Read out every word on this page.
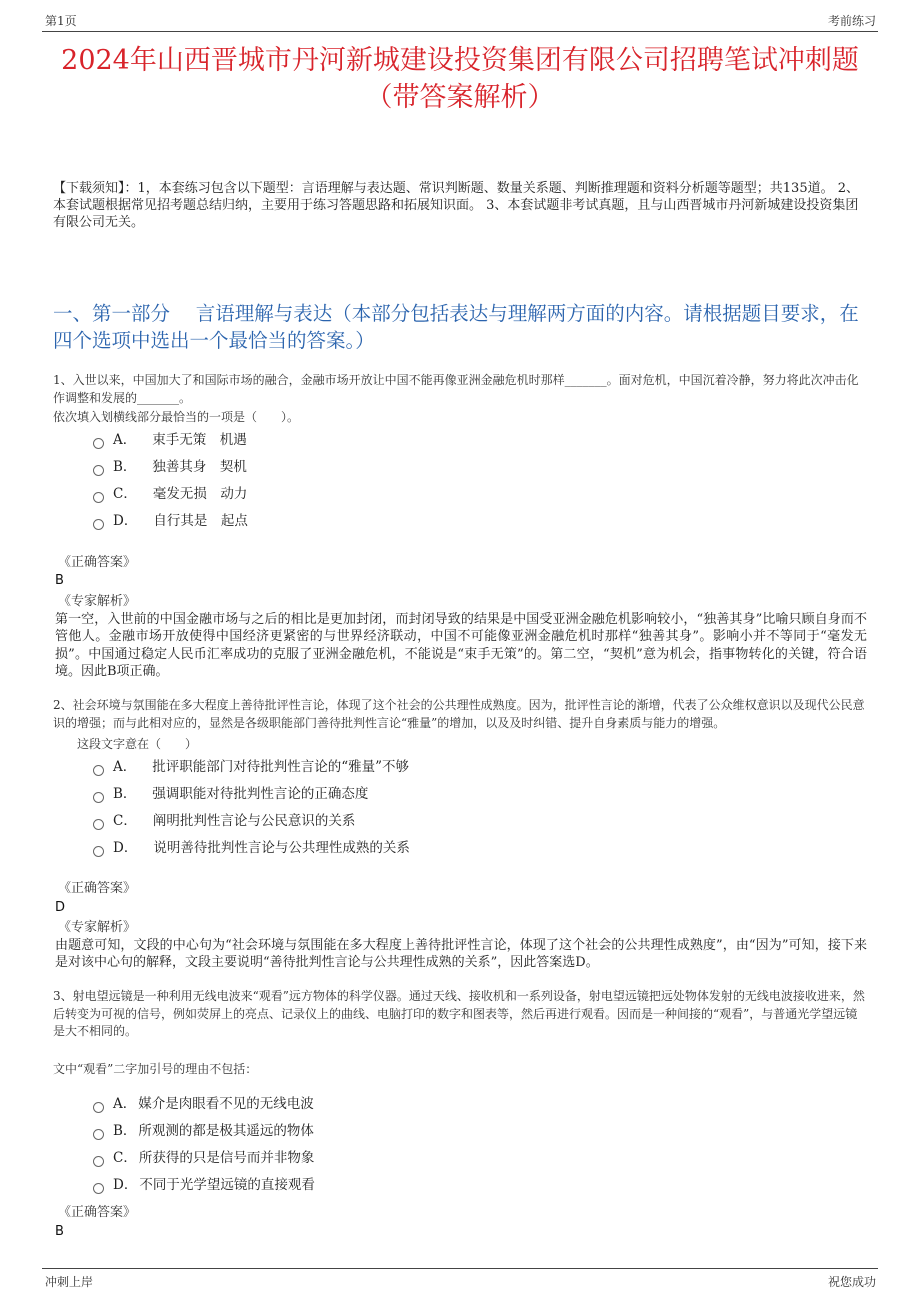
第1页	考前练习
2024年山西晋城市丹河新城建设投资集团有限公司招聘笔试冲刺题（带答案解析）
【下载须知】：1，本套练习包含以下题型：言语理解与表达题、常识判断题、数量关系题、判断推理题和资料分析题等题型；共135道。 2、本套试题根据常见招考题总结归纳，主要用于练习答题思路和拓展知识面。 3、本套试题非考试真题，且与山西晋城市丹河新城建设投资集团有限公司无关。
一、第一部分　 言语理解与表达（本部分包括表达与理解两方面的内容。请根据题目要求，在四个选项中选出一个最恰当的答案。）
1、入世以来，中国加大了和国际市场的融合，金融市场开放让中国不能再像亚洲金融危机时那样_______。面对危机，中国沉着冷静，努力将此次冲击化作调整和发展的_______。
依次填入划横线部分最恰当的一项是（　　）。
A． 束手无策　机遇
B． 独善其身　契机
C． 毫发无损　动力
D． 自行其是　起点
《正确答案》
B
《专家解析》
第一空，入世前的中国金融市场与之后的相比是更加封闭，而封闭导致的结果是中国受亚洲金融危机影响较小，“独善其身”比喻只顾自身而不管他人。金融市场开放使得中国经济更紧密的与世界经济联动，中国不可能像亚洲金融危机时那样“独善其身”。影响小并不等同于“毫发无损”。中国通过稳定人民币汇率成功的克服了亚洲金融危机，不能说是“束手无策”的。第二空，“契机”意为机会，指事物转化的关键，符合语境。因此B项正确。
2、社会环境与氛围能在多大程度上善待批评性言论，体现了这个社会的公共理性成熟度。因为，批评性言论的渐增，代表了公众维权意识以及现代公民意识的增强；而与此相对应的，显然是各级职能部门善待批判性言论“雅量”的增加，以及及时纠错、提升自身素质与能力的增强。
这段文字意在（　　）
A． 批评职能部门对待批判性言论的“雅量”不够
B． 强调职能对待批判性言论的正确态度
C． 阐明批判性言论与公民意识的关系
D． 说明善待批判性言论与公共理性成熟的关系
《正确答案》
D
《专家解析》
由题意可知，文段的中心句为“社会环境与氛围能在多大程度上善待批评性言论，体现了这个社会的公共理性成熟度”，由“因为”可知，接下来是对该中心句的解释，文段主要说明“善待批判性言论与公共理性成熟的关系”，因此答案选D。
3、射电望远镜是一种利用无线电波来“观看”远方物体的科学仪器。通过天线、接收机和一系列设备，射电望远镜把远处物体发射的无线电波接收进来，然后转变为可视的信号，例如荧屏上的亮点、记录仪上的曲线、电脑打印的数字和图表等，然后再进行观看。因而是一种间接的“观看”，与普通光学望远镜是大不相同的。
文中“观看”二字加引号的理由不包括：
A． 媒介是肉眼看不见的无线电波
B． 所观测的都是极其遥远的物体
C． 所获得的只是信号而并非物象
D． 不同于光学望远镜的直接观看
《正确答案》
B
冲刺上岸	祝您成功
